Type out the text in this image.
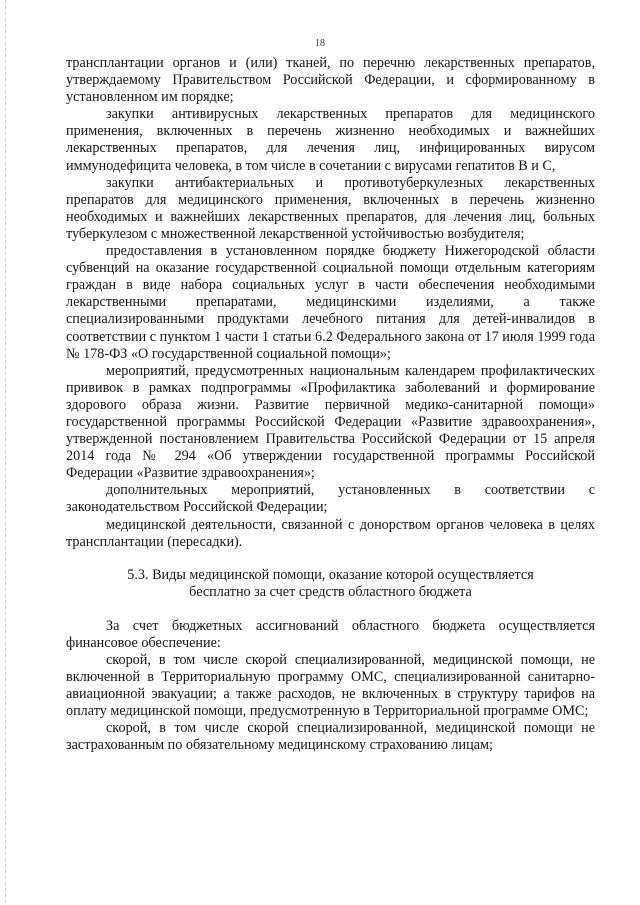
18

трансплантации органов и (или) тканей, по перечню лекарственных препаратов, утверждаемому Правительством Российской Федерации, и сформированному в установленном им порядке;

закупки антивирусных лекарственных препаратов для медицинского применения, включенных в перечень жизненно необходимых и важнейших лекарственных препаратов, для лечения лиц, инфицированных вирусом иммунодефицита человека, в том числе в сочетании с вирусами гепатитов В и С,

закупки антибактериальных и противотуберкулезных лекарственных препаратов для медицинского применения, включенных в перечень жизненно необходимых и важнейших лекарственных препаратов, для лечения лиц, больных туберкулезом с множественной лекарственной устойчивостью возбудителя;

предоставления в установленном порядке бюджету Нижегородской области субвенций на оказание государственной социальной помощи отдельным категориям граждан в виде набора социальных услуг в части обеспечения необходимыми лекарственными препаратами, медицинскими изделиями, а также специализированными продуктами лечебного питания для детей-инвалидов в соответствии с пунктом 1 части 1 статьи 6.2 Федерального закона от 17 июля 1999 года № 178-ФЗ «О государственной социальной помощи»;

мероприятий, предусмотренных национальным календарем профилактических прививок в рамках подпрограммы «Профилактика заболеваний и формирование здорового образа жизни. Развитие первичной медико-санитарной помощи» государственной программы Российской Федерации «Развитие здравоохранения», утвержденной постановлением Правительства Российской Федерации от 15 апреля 2014 года № 294 «Об утверждении государственной программы Российской Федерации «Развитие здравоохранения»;

дополнительных мероприятий, установленных в соответствии с законодательством Российской Федерации;

медицинской деятельности, связанной с донорством органов человека в целях трансплантации (пересадки).

5.3. Виды медицинской помощи, оказание которой осуществляется бесплатно за счет средств областного бюджета

За счет бюджетных ассигнований областного бюджета осуществляется финансовое обеспечение:

скорой, в том числе скорой специализированной, медицинской помощи, не включенной в Территориальную программу ОМС, специализированной санитарно-авиационной эвакуации; а также расходов, не включенных в структуру тарифов на оплату медицинской помощи, предусмотренную в Территориальной программе ОМС;

скорой, в том числе скорой специализированной, медицинской помощи не застрахованным по обязательному медицинскому страхованию лицам;
